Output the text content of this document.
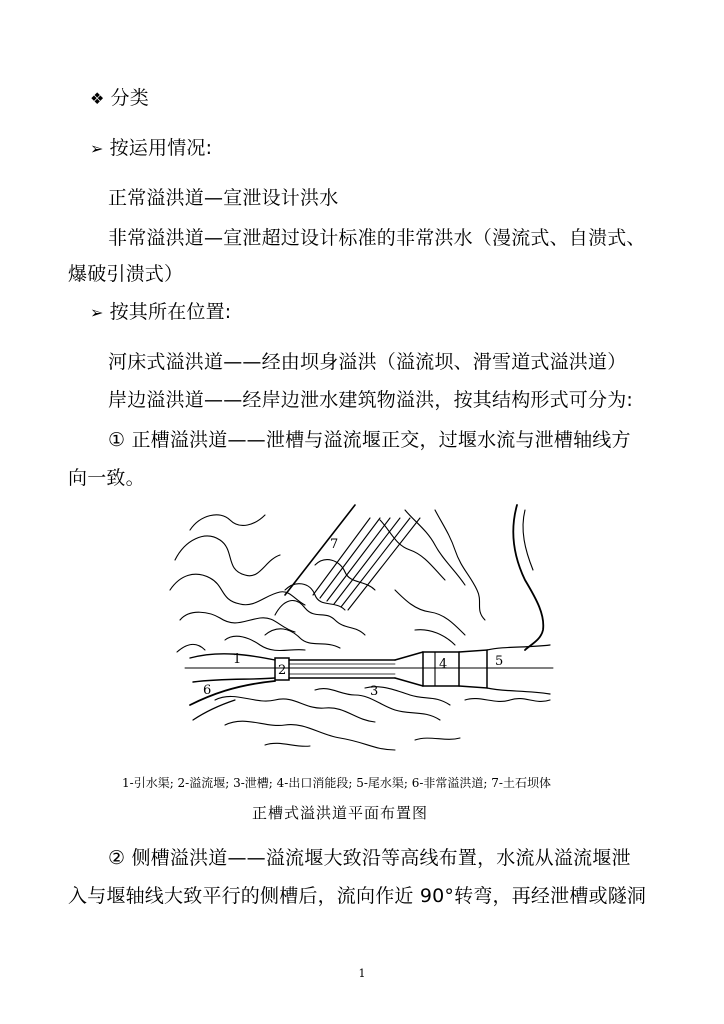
❖ 分类
➢ 按运用情况:
正常溢洪道—宣泄设计洪水
非常溢洪道—宣泄超过设计标准的非常洪水（漫流式、自溃式、
爆破引溃式）
➢ 按其所在位置:
河床式溢洪道——经由坝身溢洪（溢流坝、滑雪道式溢洪道）
岸边溢洪道——经岸边泄水建筑物溢洪，按其结构形式可分为:
① 正槽溢洪道——泄槽与溢流堰正交，过堰水流与泄槽轴线方
向一致。
1
2
3
4	5
6
7
1-引水渠; 2-溢流堰; 3-泄槽; 4-出口消能段; 5-尾水渠; 6-非常溢洪道; 7-土石坝体
正槽式溢洪道平面布置图
② 侧槽溢洪道——溢流堰大致沿等高线布置，水流从溢流堰泄
入与堰轴线大致平行的侧槽后，流向作近 90°转弯，再经泄槽或隧洞
1
